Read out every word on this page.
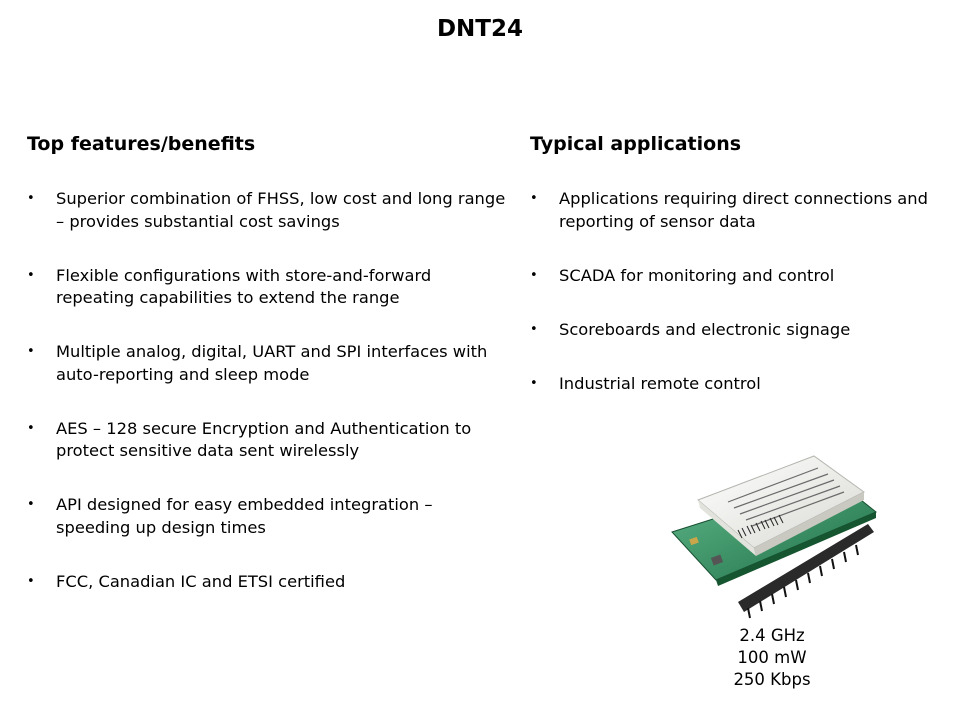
DNT24
Top features/benefits
• Superior combination of FHSS, low cost and long range – provides substantial cost savings
• Flexible configurations with store-and-forward repeating capabilities to extend the range
• Multiple analog, digital, UART and SPI interfaces with auto-reporting and sleep mode
• AES – 128 secure Encryption and Authentication to protect sensitive data sent wirelessly
• API designed for easy embedded integration – speeding up design times
• FCC, Canadian IC and ETSI certified
Typical applications
• Applications requiring direct connections and reporting of sensor data
• SCADA for monitoring and control
• Scoreboards and electronic signage
• Industrial remote control
2.4 GHz
100 mW
250 Kbps
